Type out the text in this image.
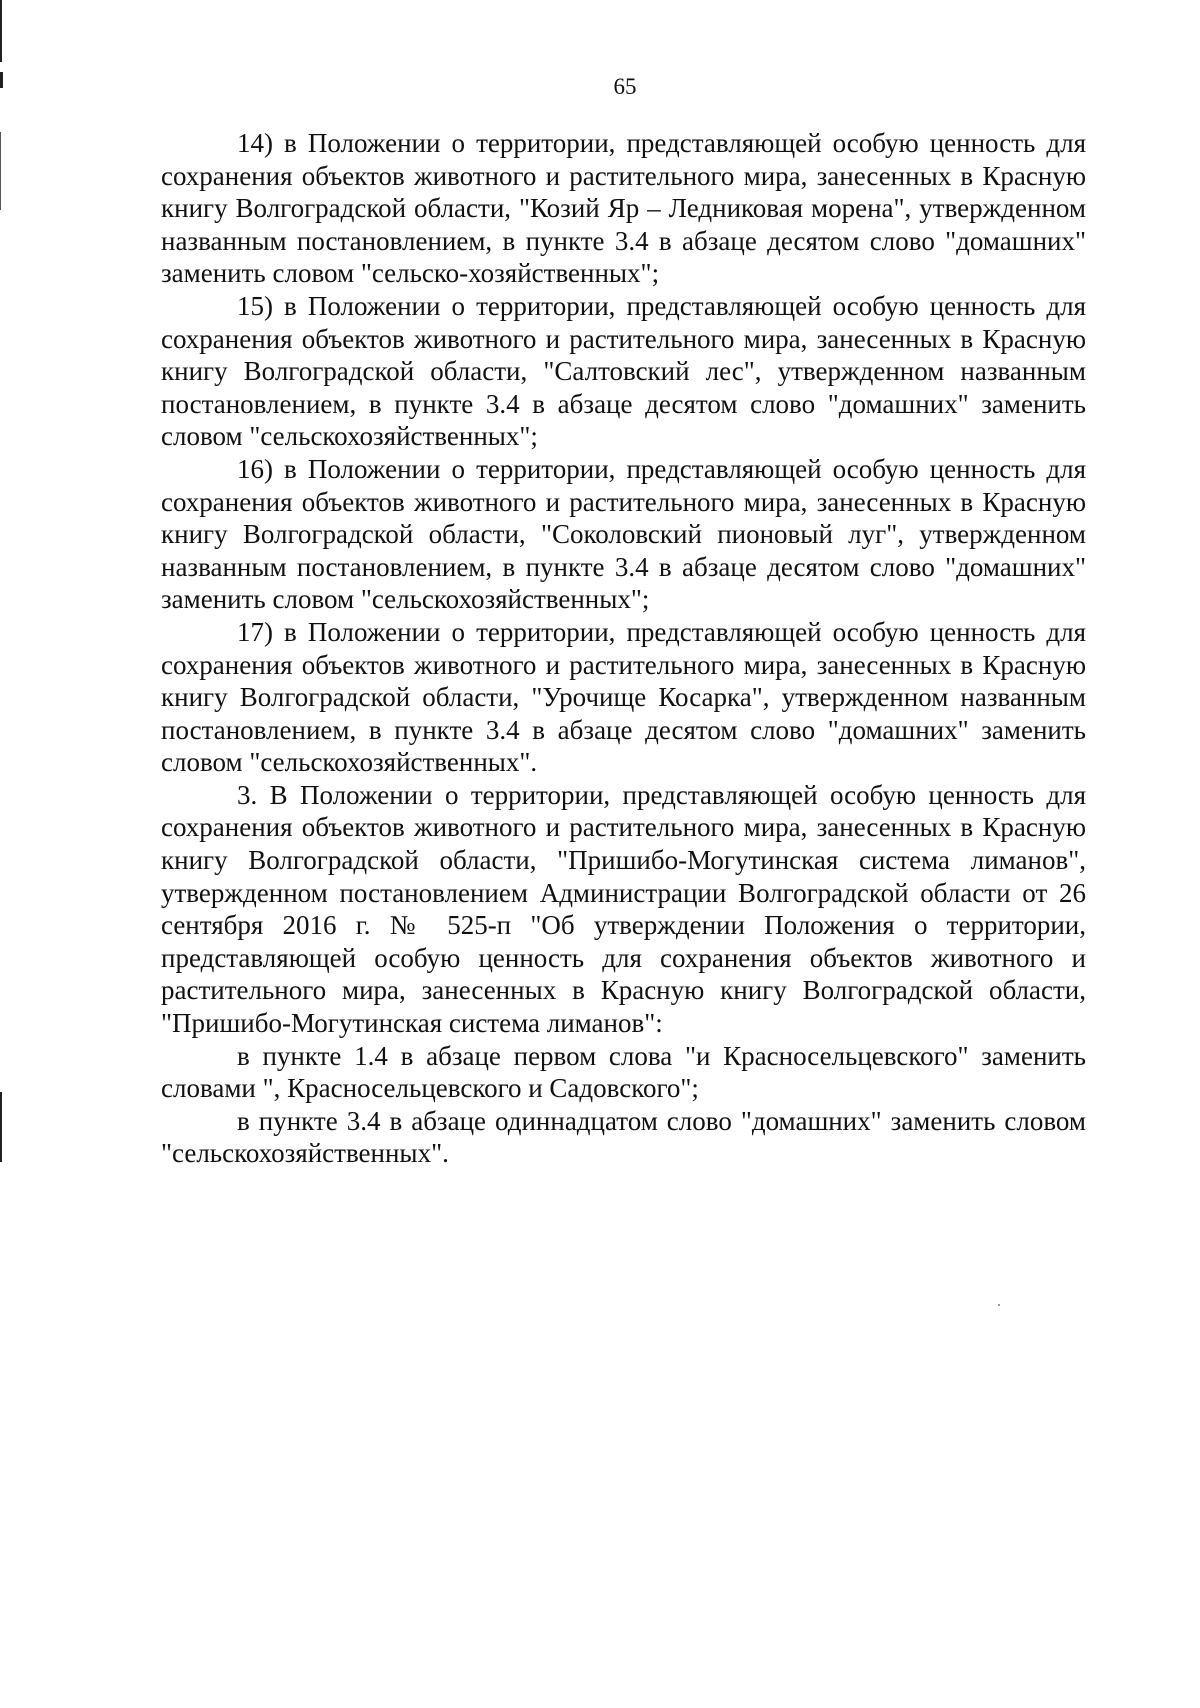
65

14) в Положении о территории, представляющей особую ценность для сохранения объектов животного и растительного мира, занесенных в Красную книгу Волгоградской области, "Козий Яр – Ледниковая морена", утвержденном названным постановлением, в пункте 3.4 в абзаце десятом слово "домашних" заменить словом "сельско-хозяйственных";

15) в Положении о территории, представляющей особую ценность для сохранения объектов животного и растительного мира, занесенных в Красную книгу Волгоградской области, "Салтовский лес", утвержденном названным постановлением, в пункте 3.4 в абзаце десятом слово "домашних" заменить словом "сельскохозяйственных";

16) в Положении о территории, представляющей особую ценность для сохранения объектов животного и растительного мира, занесенных в Красную книгу Волгоградской области, "Соколовский пионовый луг", утвержденном названным постановлением, в пункте 3.4 в абзаце десятом слово "домашних" заменить словом "сельскохозяйственных";

17) в Положении о территории, представляющей особую ценность для сохранения объектов животного и растительного мира, занесенных в Красную книгу Волгоградской области, "Урочище Косарка", утвержденном названным постановлением, в пункте 3.4 в абзаце десятом слово "домашних" заменить словом "сельскохозяйственных".

3. В Положении о территории, представляющей особую ценность для сохранения объектов животного и растительного мира, занесенных в Красную книгу Волгоградской области, "Пришибо-Могутинская система лиманов", утвержденном постановлением Администрации Волгоградской области от 26 сентября 2016 г. № 525-п "Об утверждении Положения о территории, представляющей особую ценность для сохранения объектов животного и растительного мира, занесенных в Красную книгу Волгоградской области, "Пришибо-Могутинская система лиманов":

в пункте 1.4 в абзаце первом слова "и Красносельцевского" заменить словами ", Красносельцевского и Садовского";

в пункте 3.4 в абзаце одиннадцатом слово "домашних" заменить словом "сельскохозяйственных".
